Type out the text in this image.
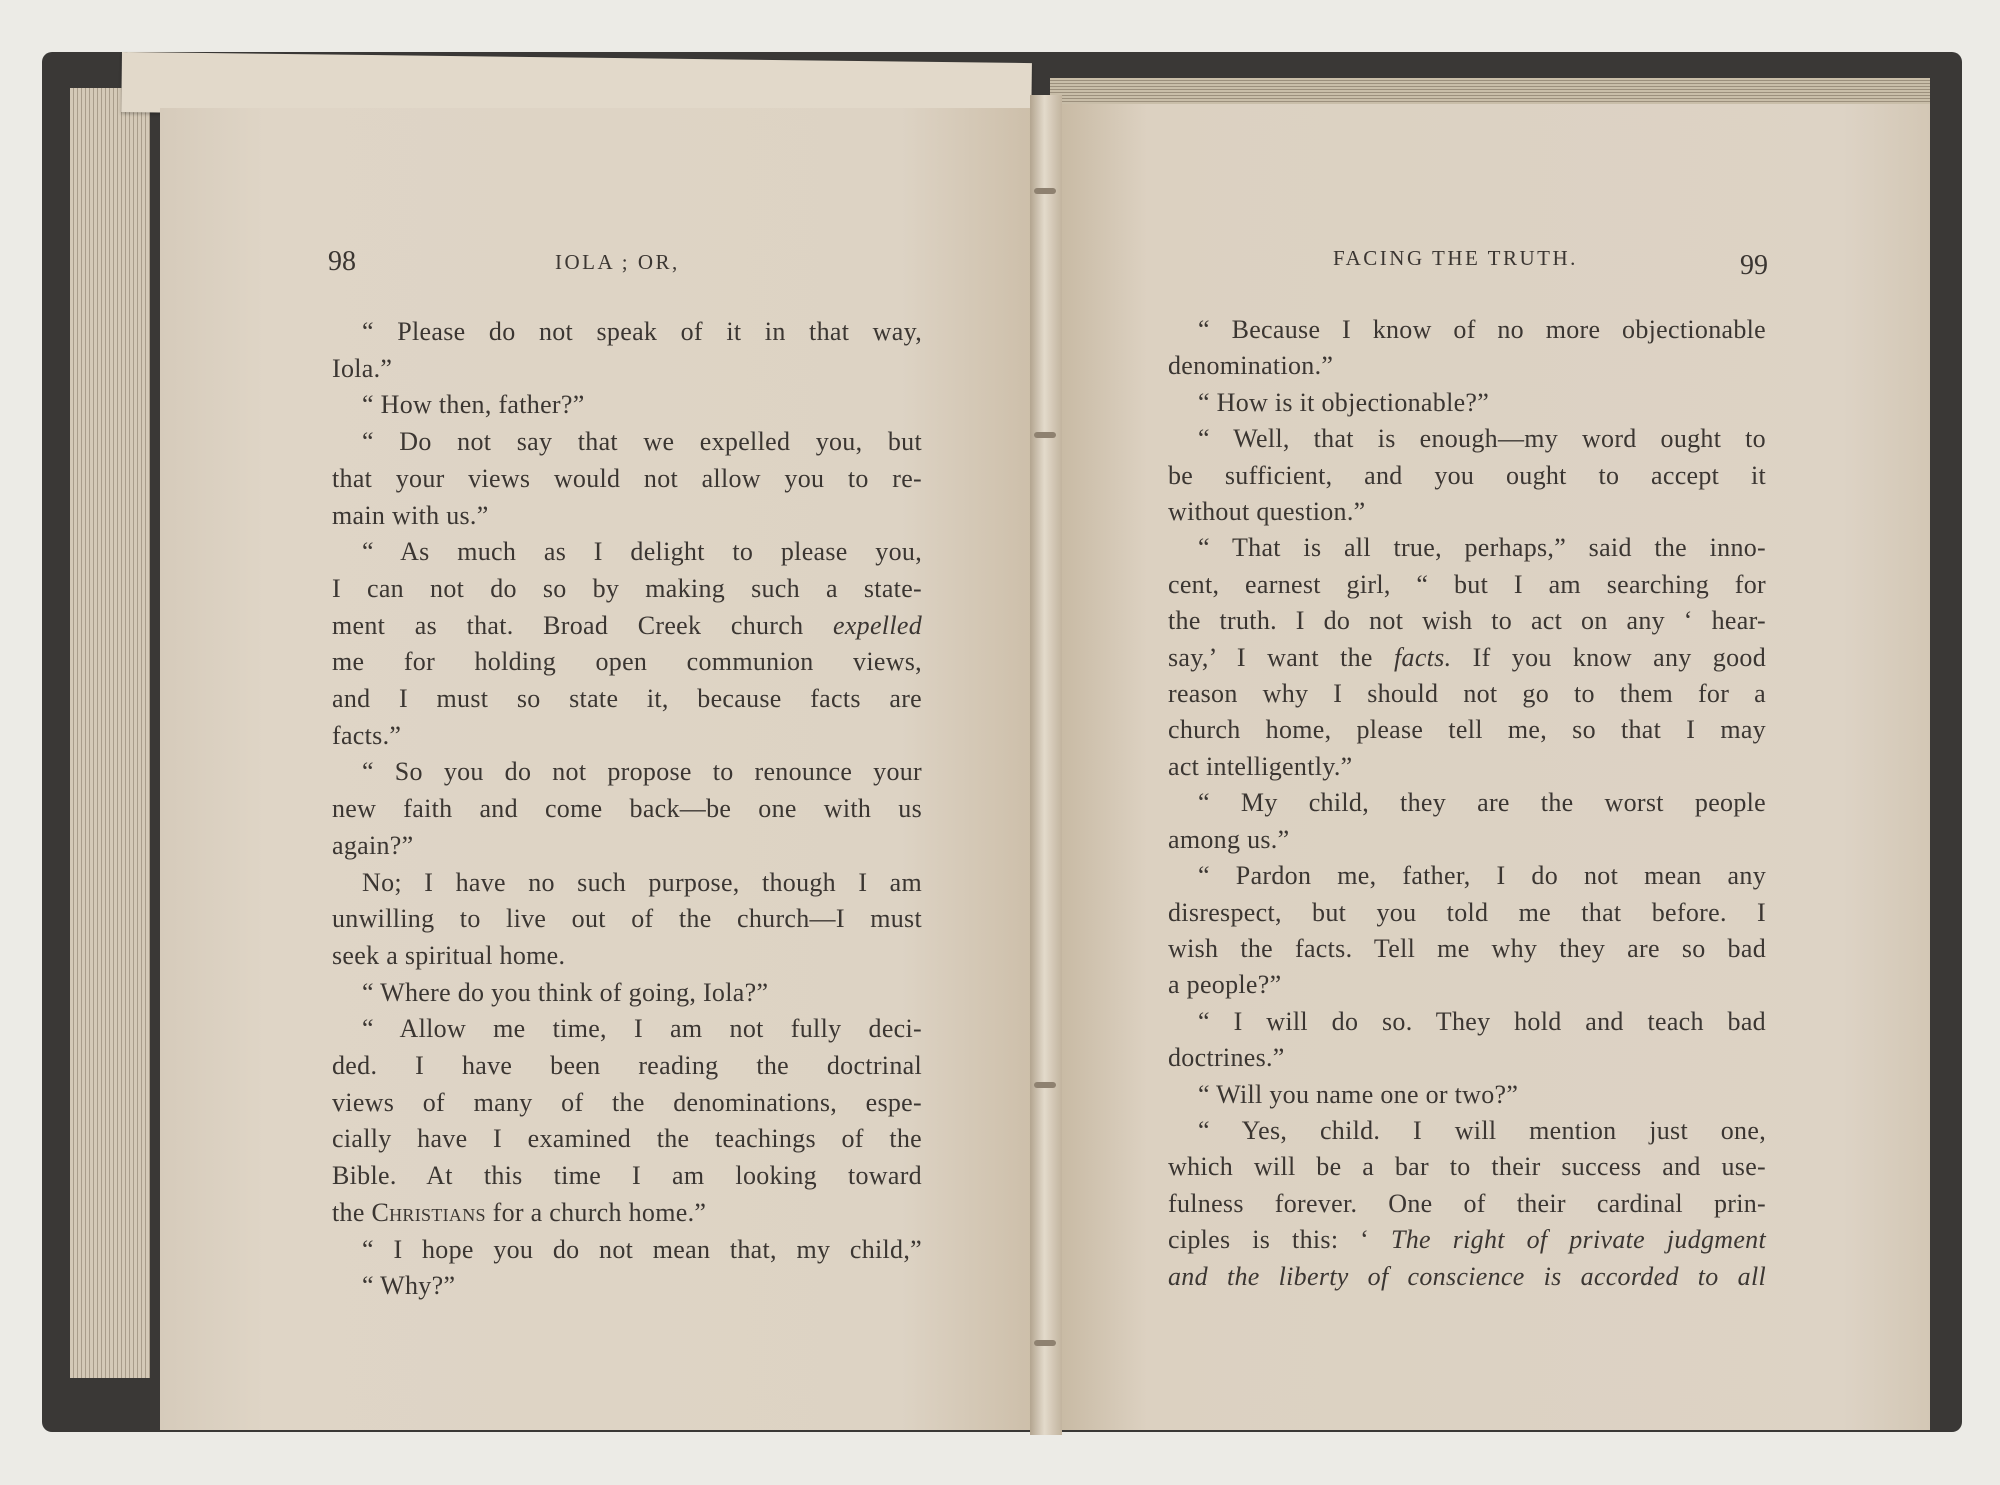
98	IOLA ; OR,	FACING THE TRUTH.	99
“ Please do not speak of it in that way,
Iola.”
“ How then, father?”
“ Do not say that we expelled you, but
that your views would not allow you to re-
main with us.”
“ As much as I delight to please you,
I can not do so by making such a state-
ment as that. Broad Creek church expelled
me for holding open communion views,
and I must so state it, because facts are
facts.”
“ So you do not propose to renounce your
new faith and come back—be one with us
again?”
No; I have no such purpose, though I am
unwilling to live out of the church—I must
seek a spiritual home.
“ Where do you think of going, Iola?”
“ Allow me time, I am not fully deci-
ded. I have been reading the doctrinal
views of many of the denominations, espe-
cially have I examined the teachings of the
Bible. At this time I am looking toward
the Christians for a church home.”
“ I hope you do not mean that, my child,”
“ Why?”
“ Because I know of no more objectionable
denomination.”
“ How is it objectionable?”
“ Well, that is enough—my word ought to
be sufficient, and you ought to accept it
without question.”
“ That is all true, perhaps,” said the inno-
cent, earnest girl, “ but I am searching for
the truth. I do not wish to act on any ‘ hear-
say,’ I want the facts. If you know any good
reason why I should not go to them for a
church home, please tell me, so that I may
act intelligently.”
“ My child, they are the worst people
among us.”
“ Pardon me, father, I do not mean any
disrespect, but you told me that before. I
wish the facts. Tell me why they are so bad
a people?”
“ I will do so. They hold and teach bad
doctrines.”
“ Will you name one or two?”
“ Yes, child. I will mention just one,
which will be a bar to their success and use-
fulness forever. One of their cardinal prin-
ciples is this: ‘ The right of private judgment
and the liberty of conscience is accorded to all
